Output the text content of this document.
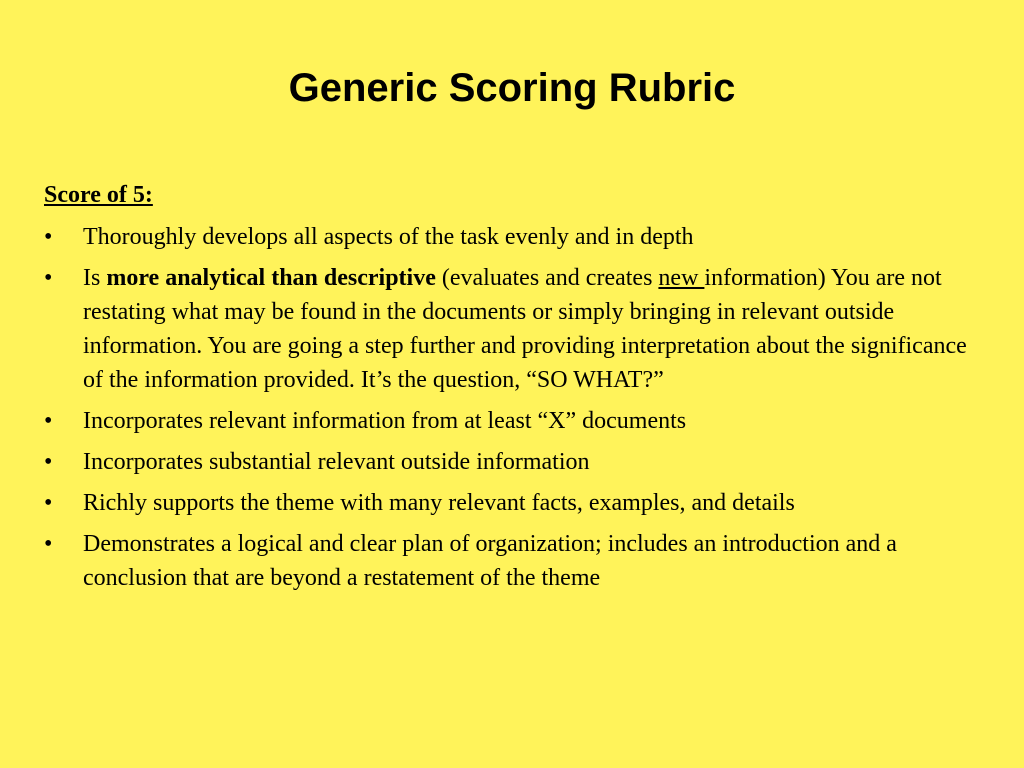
Generic Scoring Rubric
Score of 5:
•	Thoroughly develops all aspects of the task evenly and in depth
•	Is more analytical than descriptive (evaluates and creates new information) You are not restating what may be found in the documents or simply bringing in relevant outside information. You are going a step further and providing interpretation about the significance of the information provided. It’s the question, “SO WHAT?”
•	Incorporates relevant information from at least “X” documents
•	Incorporates substantial relevant outside information
•	Richly supports the theme with many relevant facts, examples, and details
•	Demonstrates a logical and clear plan of organization; includes an introduction and a conclusion that are beyond a restatement of the theme
